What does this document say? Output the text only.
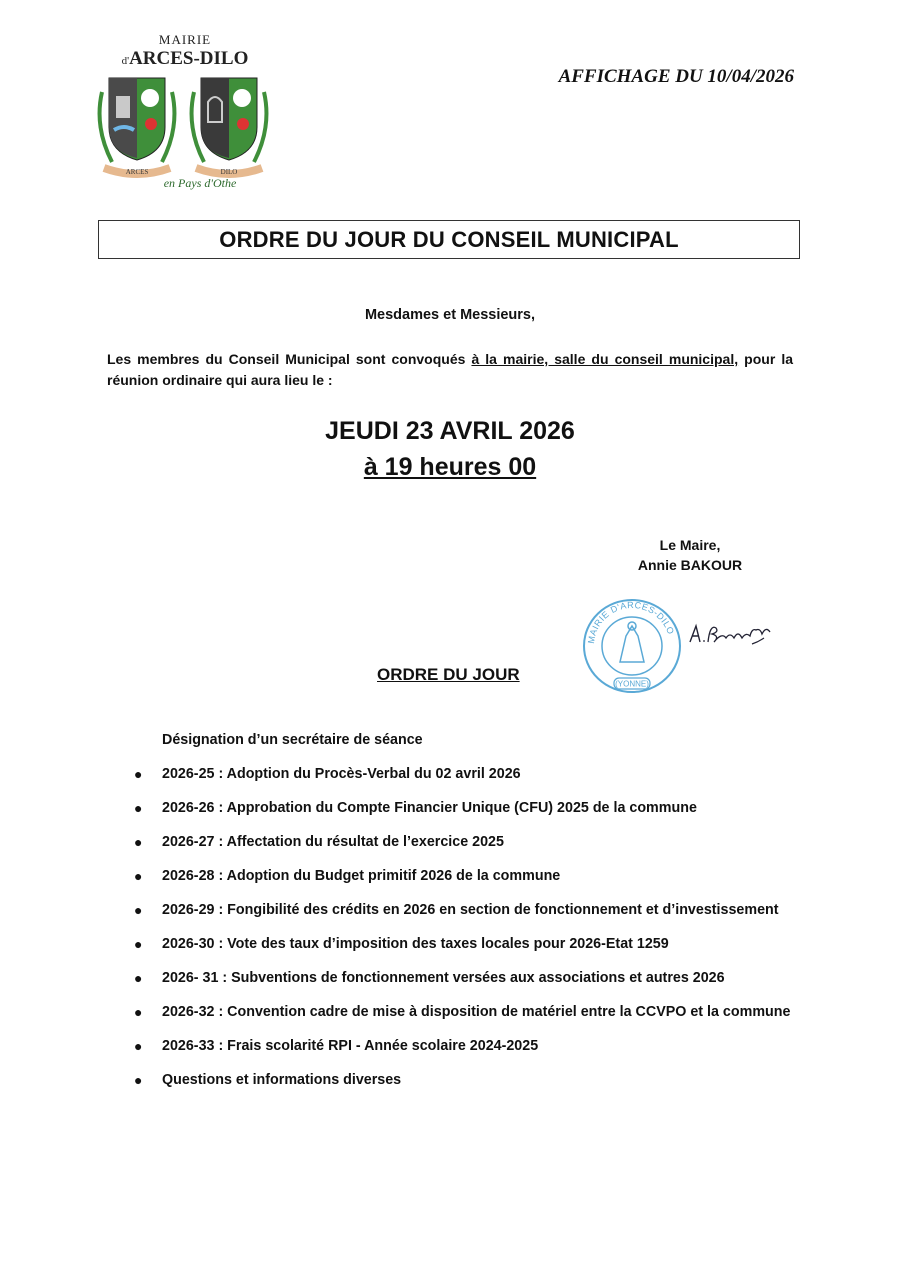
MAIRIE
d'ARCES-DILO
ARCES	DILO
en Pays d'Othe
AFFICHAGE DU 10/04/2026
ORDRE DU JOUR DU CONSEIL MUNICIPAL
Mesdames et Messieurs,
Les membres du Conseil Municipal sont convoqués à la mairie, salle du conseil municipal, pour la réunion ordinaire qui aura lieu le :
JEUDI 23 AVRIL 2026
à 19 heures 00
Le Maire,
Annie BAKOUR
MAIRIE D'ARCES-DILO
(YONNE)
ORDRE DU JOUR
Désignation d’un secrétaire de séance
● 2026-25 : Adoption du Procès-Verbal du 02 avril 2026
● 2026-26 : Approbation du Compte Financier Unique (CFU) 2025 de la commune
● 2026-27 : Affectation du résultat de l’exercice 2025
● 2026-28 : Adoption du Budget primitif 2026 de la commune
● 2026-29 : Fongibilité des crédits en 2026 en section de fonctionnement et d’investissement
● 2026-30 : Vote des taux d’imposition des taxes locales pour 2026-Etat 1259
● 2026- 31 : Subventions de fonctionnement versées aux associations et autres 2026
● 2026-32 : Convention cadre de mise à disposition de matériel entre la CCVPO et la commune
● 2026-33 : Frais scolarité RPI - Année scolaire 2024-2025
● Questions et informations diverses
